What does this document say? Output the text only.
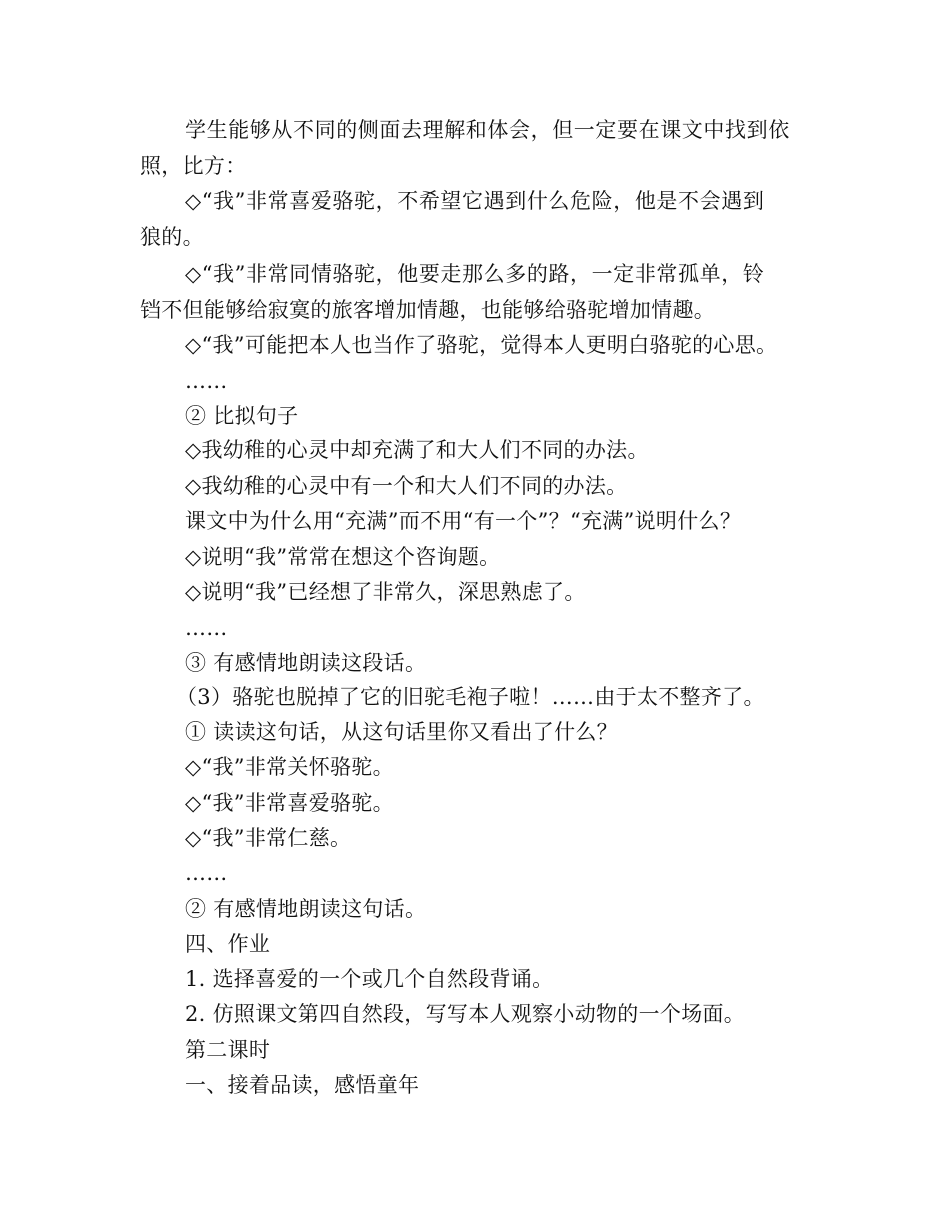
学生能够从不同的侧面去理解和体会，但一定要在课文中找到依
照，比方：
◇“我”非常喜爱骆驼，不希望它遇到什么危险，他是不会遇到
狼的。
◇“我”非常同情骆驼，他要走那么多的路，一定非常孤单，铃
铛不但能够给寂寞的旅客增加情趣，也能够给骆驼增加情趣。
◇“我”可能把本人也当作了骆驼，觉得本人更明白骆驼的心思。
……
② 比拟句子
◇我幼稚的心灵中却充满了和大人们不同的办法。
◇我幼稚的心灵中有一个和大人们不同的办法。
课文中为什么用“充满”而不用“有一个”？“充满”说明什么？
◇说明“我”常常在想这个咨询题。
◇说明“我”已经想了非常久，深思熟虑了。
……
③ 有感情地朗读这段话。
（3）骆驼也脱掉了它的旧驼毛袍子啦！……由于太不整齐了。
① 读读这句话，从这句话里你又看出了什么？
◇“我”非常关怀骆驼。
◇“我”非常喜爱骆驼。
◇“我”非常仁慈。
……
② 有感情地朗读这句话。
四、作业
1. 选择喜爱的一个或几个自然段背诵。
2. 仿照课文第四自然段，写写本人观察小动物的一个场面。
第二课时
一、接着品读，感悟童年
